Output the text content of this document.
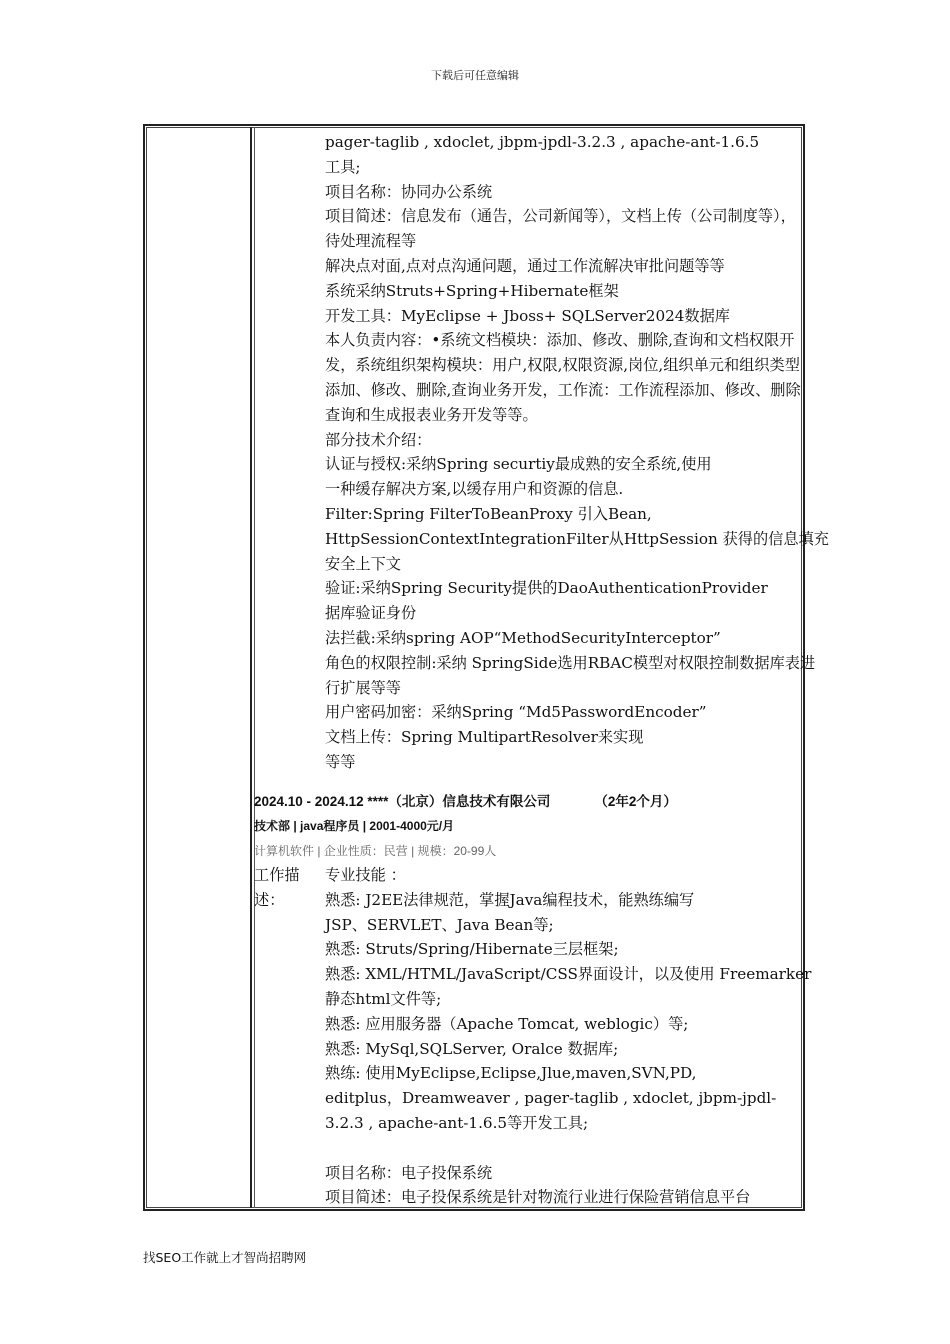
下载后可任意编辑
pager-taglib , xdoclet, jbpm-jpdl-3.2.3 , apache-ant-1.6.5
工具;
项目名称：协同办公系统
项目简述：信息发布（通告，公司新闻等），文档上传（公司制度等），
待处理流程等
解决点对面,点对点沟通问题，通过工作流解决审批问题等等
系统采纳Struts+Spring+Hibernate框架
开发工具：MyEclipse + Jboss+ SQLServer2024数据库
本人负责内容：•系统文档模块：添加、修改、删除,查询和文档权限开
发，系统组织架构模块：用户,权限,权限资源,岗位,组织单元和组织类型
添加、修改、删除,查询业务开发，工作流：工作流程添加、修改、删除
查询和生成报表业务开发等等。
部分技术介绍：
认证与授权:采纳Spring securtiy最成熟的安全系统,使用
一种缓存解决方案,以缓存用户和资源的信息.
Filter:Spring FilterToBeanProxy 引入Bean,
HttpSessionContextIntegrationFilter从HttpSession 获得的信息填充
安全上下文
验证:采纳Spring Security提供的DaoAuthenticationProvider
据库验证身份
法拦截:采纳spring AOP“MethodSecurityInterceptor”
角色的权限控制:采纳 SpringSide选用RBAC模型对权限控制数据库表进
行扩展等等
用户密码加密：采纳Spring “Md5PasswordEncoder”
文档上传：Spring MultipartResolver来实现
等等
2024.10 - 2024.12 ****（北京）信息技术有限公司	（2年2个月）
技术部 | java程序员 | 2001-4000元/月
计算机软件 | 企业性质：民营 | 规模：20-99人
工作描述：
专业技能 ：
熟悉: J2EE法律规范，掌握Java编程技术，能熟练编写
JSP、SERVLET、Java Bean等;
熟悉: Struts/Spring/Hibernate三层框架;
熟悉: XML/HTML/JavaScript/CSS界面设计，以及使用 Freemarker
静态html文件等;
熟悉: 应用服务器（Apache Tomcat, weblogic）等;
熟悉: MySql,SQLServer, Oralce 数据库;
熟练: 使用MyEclipse,Eclipse,Jlue,maven,SVN,PD,
editplus，Dreamweaver , pager-taglib , xdoclet, jbpm-jpdl-
3.2.3 , apache-ant-1.6.5等开发工具;
项目名称：电子投保系统
项目简述：电子投保系统是针对物流行业进行保险营销信息平台
找SEO工作就上才智尚招聘网
